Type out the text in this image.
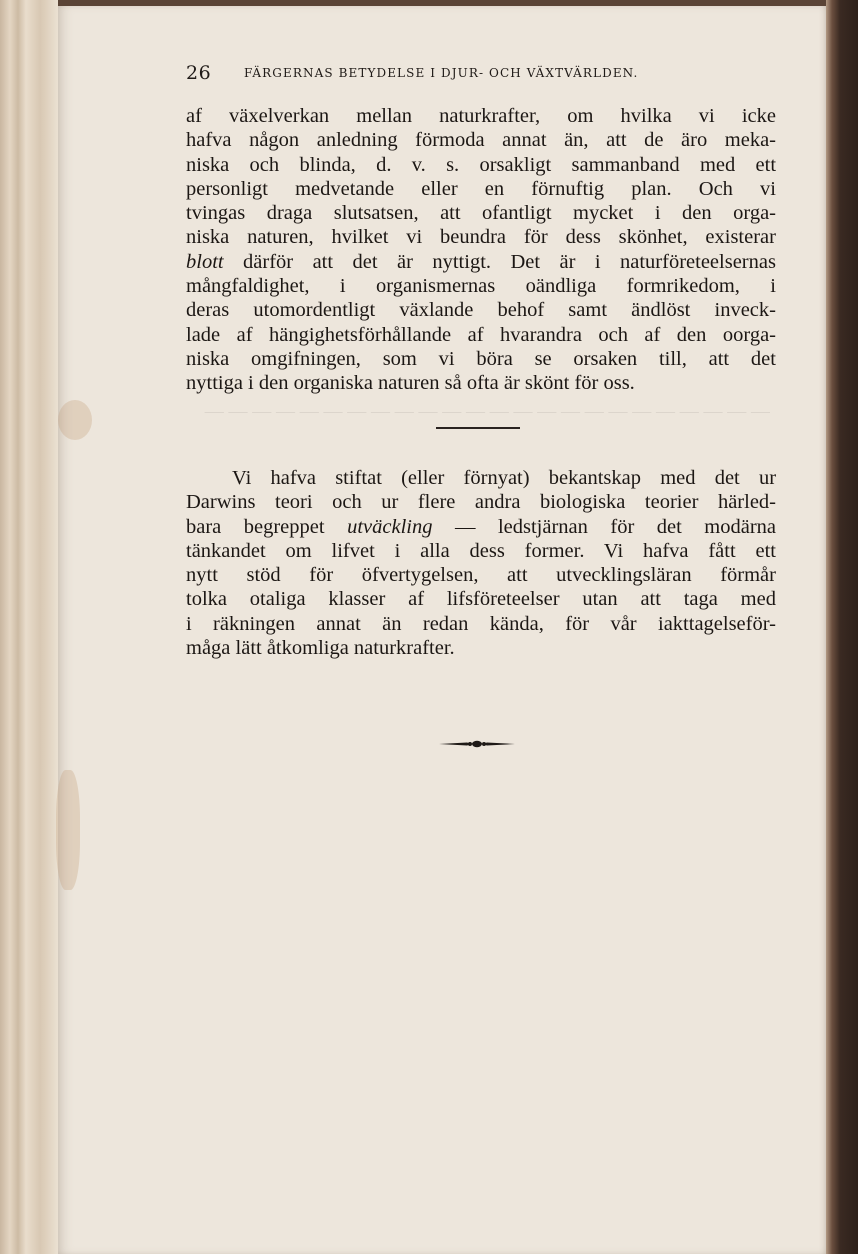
— — — — — — — — — — — — — — — — — — — — — — — —
26	FÄRGERNAS BETYDELSE I DJUR- OCH VÄXTVÄRLDEN.
af växelverkan mellan naturkrafter, om hvilka vi icke
hafva någon anledning förmoda annat än, att de äro meka-
niska och blinda, d. v. s. orsakligt sammanband med ett
personligt medvetande eller en förnuftig plan. Och vi
tvingas draga slutsatsen, att ofantligt mycket i den orga-
niska naturen, hvilket vi beundra för dess skönhet, existerar
blott därför att det är nyttigt. Det är i naturföreteelsernas
mångfaldighet, i organismernas oändliga formrikedom, i
deras utomordentligt växlande behof samt ändlöst inveck-
lade af hängighetsförhållande af hvarandra och af den oorga-
niska omgifningen, som vi böra se orsaken till, att det
nyttiga i den organiska naturen så ofta är skönt för oss.
Vi hafva stiftat (eller förnyat) bekantskap med det ur
Darwins teori och ur flere andra biologiska teorier härled-
bara begreppet utväckling — ledstjärnan för det modärna
tänkandet om lifvet i alla dess former. Vi hafva fått ett
nytt stöd för öfvertygelsen, att utvecklingsläran förmår
tolka otaliga klasser af lifsföreteelser utan att taga med
i räkningen annat än redan kända, för vår iakttagelseför-
måga lätt åtkomliga naturkrafter.
